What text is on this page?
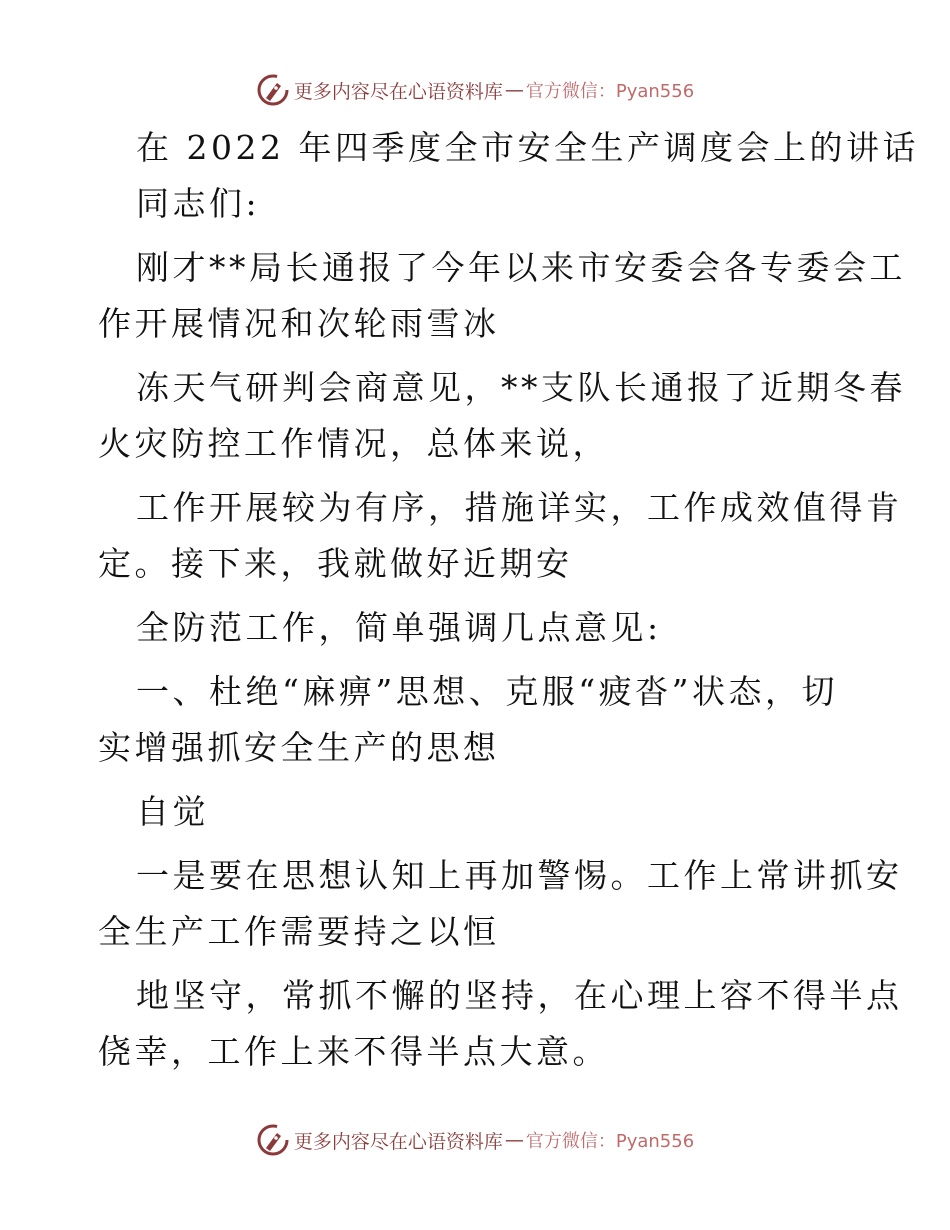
更多内容尽在心语资料库 — 官方微信：Pyan556
在 2022 年四季度全市安全生产调度会上的讲话
同志们:
刚才**局长通报了今年以来市安委会各专委会工
作开展情况和次轮雨雪冰
冻天气研判会商意见，**支队长通报了近期冬春
火灾防控工作情况，总体来说，
工作开展较为有序，措施详实，工作成效值得肯
定。接下来，我就做好近期安
全防范工作，简单强调几点意见:
一、杜绝“麻痹”思想、克服“疲沓”状态，切
实增强抓安全生产的思想
自觉
一是要在思想认知上再加警惕。工作上常讲抓安
全生产工作需要持之以恒
地坚守，常抓不懈的坚持，在心理上容不得半点
侥幸，工作上来不得半点大意。
更多内容尽在心语资料库 — 官方微信：Pyan556
